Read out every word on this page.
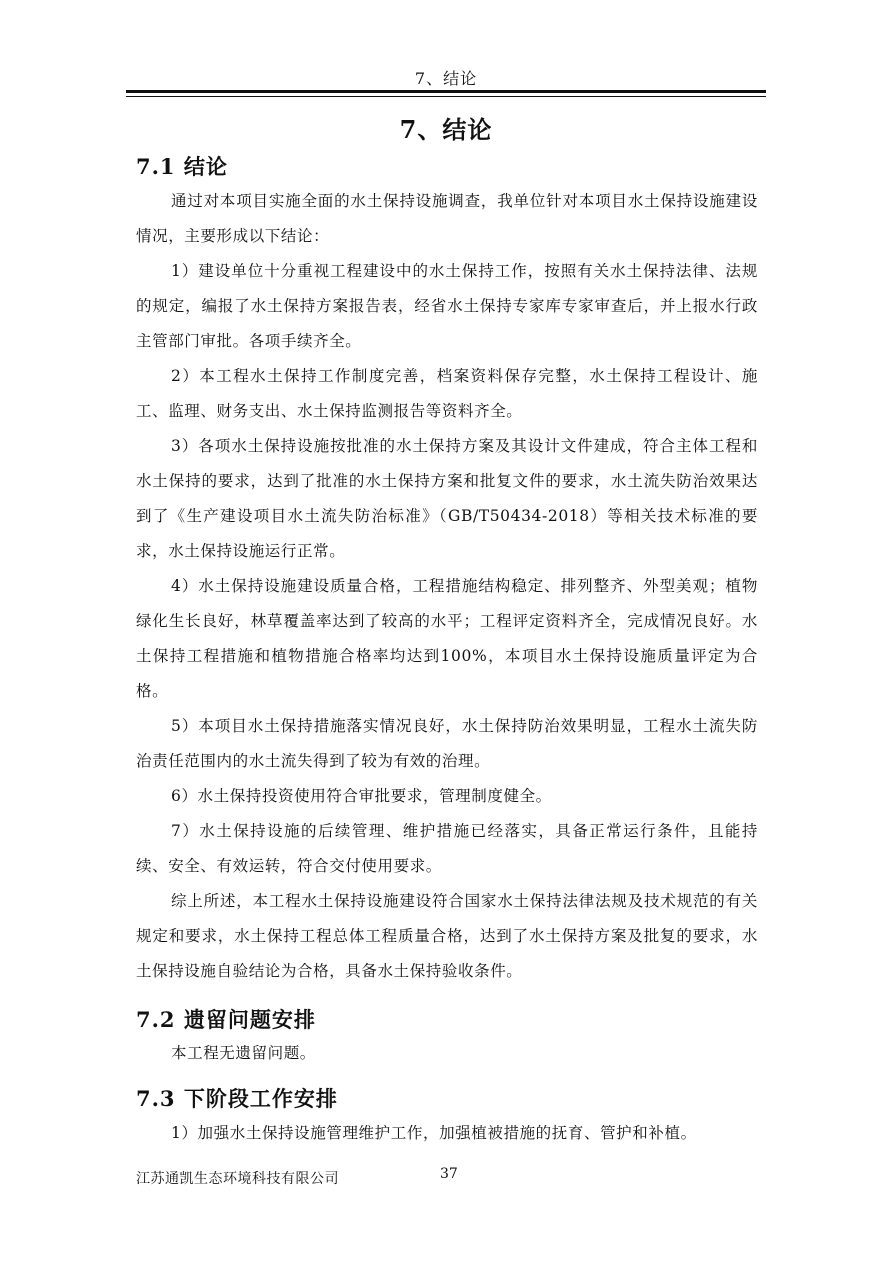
7、结论
7、结论
7.1 结论

通过对本项目实施全面的水土保持设施调查，我单位针对本项目水土保持设施建设情况，主要形成以下结论：

1）建设单位十分重视工程建设中的水土保持工作，按照有关水土保持法律、法规的规定，编报了水土保持方案报告表，经省水土保持专家库专家审查后，并上报水行政主管部门审批。各项手续齐全。

2）本工程水土保持工作制度完善，档案资料保存完整，水土保持工程设计、施工、监理、财务支出、水土保持监测报告等资料齐全。

3）各项水土保持设施按批准的水土保持方案及其设计文件建成，符合主体工程和水土保持的要求，达到了批准的水土保持方案和批复文件的要求，水土流失防治效果达到了《生产建设项目水土流失防治标准》（GB/T50434-2018）等相关技术标准的要求，水土保持设施运行正常。

4）水土保持设施建设质量合格，工程措施结构稳定、排列整齐、外型美观；植物绿化生长良好，林草覆盖率达到了较高的水平；工程评定资料齐全，完成情况良好。水土保持工程措施和植物措施合格率均达到100%，本项目水土保持设施质量评定为合格。

5）本项目水土保持措施落实情况良好，水土保持防治效果明显，工程水土流失防治责任范围内的水土流失得到了较为有效的治理。

6）水土保持投资使用符合审批要求，管理制度健全。

7）水土保持设施的后续管理、维护措施已经落实，具备正常运行条件，且能持续、安全、有效运转，符合交付使用要求。

综上所述，本工程水土保持设施建设符合国家水土保持法律法规及技术规范的有关规定和要求，水土保持工程总体工程质量合格，达到了水土保持方案及批复的要求，水土保持设施自验结论为合格，具备水土保持验收条件。

7.2 遗留问题安排

本工程无遗留问题。

7.3 下阶段工作安排

1）加强水土保持设施管理维护工作，加强植被措施的抚育、管护和补植。

江苏通凯生态环境科技有限公司	37
